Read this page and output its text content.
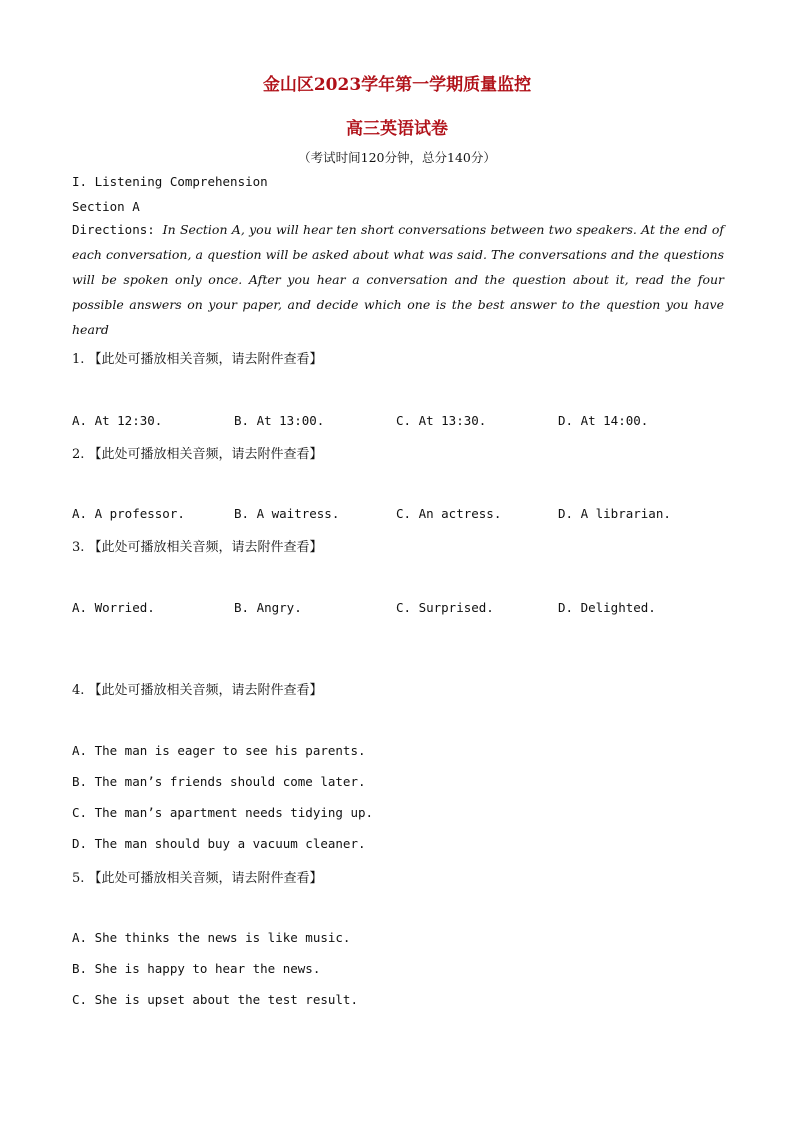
金山区2023学年第一学期质量监控
高三英语试卷
（考试时间120分钟，总分140分）
I. Listening Comprehension
Section A
Directions: In Section A, you will hear ten short conversations between two speakers. At the end of each conversation, a question will be asked about what was said. The conversations and the questions will be spoken only once. After you hear a conversation and the question about it, read the four possible answers on your paper, and decide which one is the best answer to the question you have heard
1. 【此处可播放相关音频，请去附件查看】
A. At 12:30.	B. At 13:00.	C. At 13:30.	D. At 14:00.
2. 【此处可播放相关音频，请去附件查看】
A. A professor.	B. A waitress.	C. An actress.	D. A librarian.
3. 【此处可播放相关音频，请去附件查看】
A. Worried.	B. Angry.	C. Surprised.	D. Delighted.
4. 【此处可播放相关音频，请去附件查看】
A. The man is eager to see his parents.
B. The man’s friends should come later.
C. The man’s apartment needs tidying up.
D. The man should buy a vacuum cleaner.
5. 【此处可播放相关音频，请去附件查看】
A. She thinks the news is like music.
B. She is happy to hear the news.
C. She is upset about the test result.
